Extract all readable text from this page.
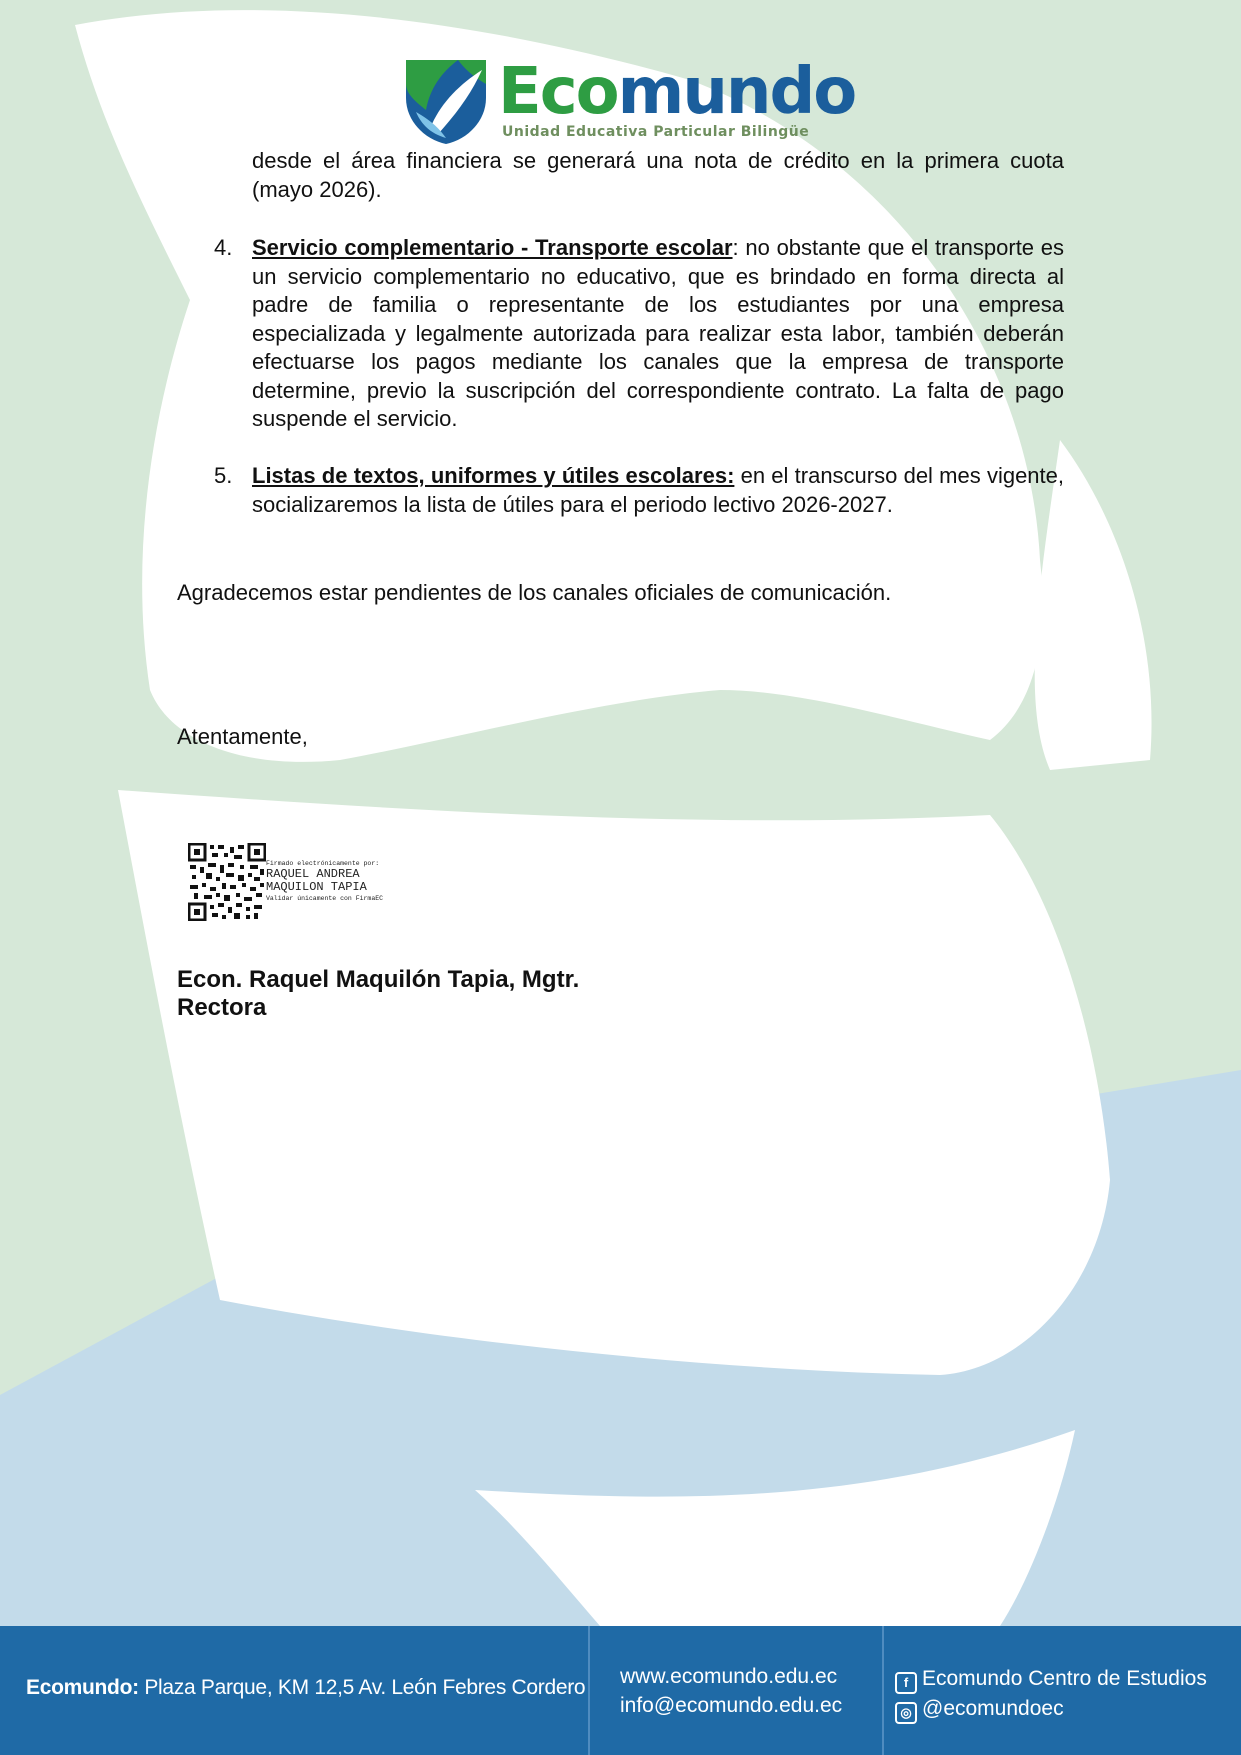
Ecomundo
Unidad Educativa Particular Bilingüe
desde el área financiera se generará una nota de crédito en la primera cuota (mayo 2026).
4. Servicio complementario - Transporte escolar: no obstante que el transporte es un servicio complementario no educativo, que es brindado en forma directa al padre de familia o representante de los estudiantes por una empresa especializada y legalmente autorizada para realizar esta labor, también deberán efectuarse los pagos mediante los canales que la empresa de transporte determine, previo la suscripción del correspondiente contrato. La falta de pago suspende el servicio.
5. Listas de textos, uniformes y útiles escolares: en el transcurso del mes vigente, socializaremos la lista de útiles para el periodo lectivo 2026-2027.
Agradecemos estar pendientes de los canales oficiales de comunicación.
Atentamente,
Firmado electrónicamente por:
RAQUEL ANDREA
MAQUILON TAPIA
Validar únicamente con FirmaEC
Econ. Raquel Maquilón Tapia, Mgtr.
Rectora
Ecomundo: Plaza Parque, KM 12,5 Av. León Febres Cordero www.ecomundo.edu.ec
info@ecomundo.edu.ec
f Ecomundo Centro de Estudios
◎ @ecomundoec
